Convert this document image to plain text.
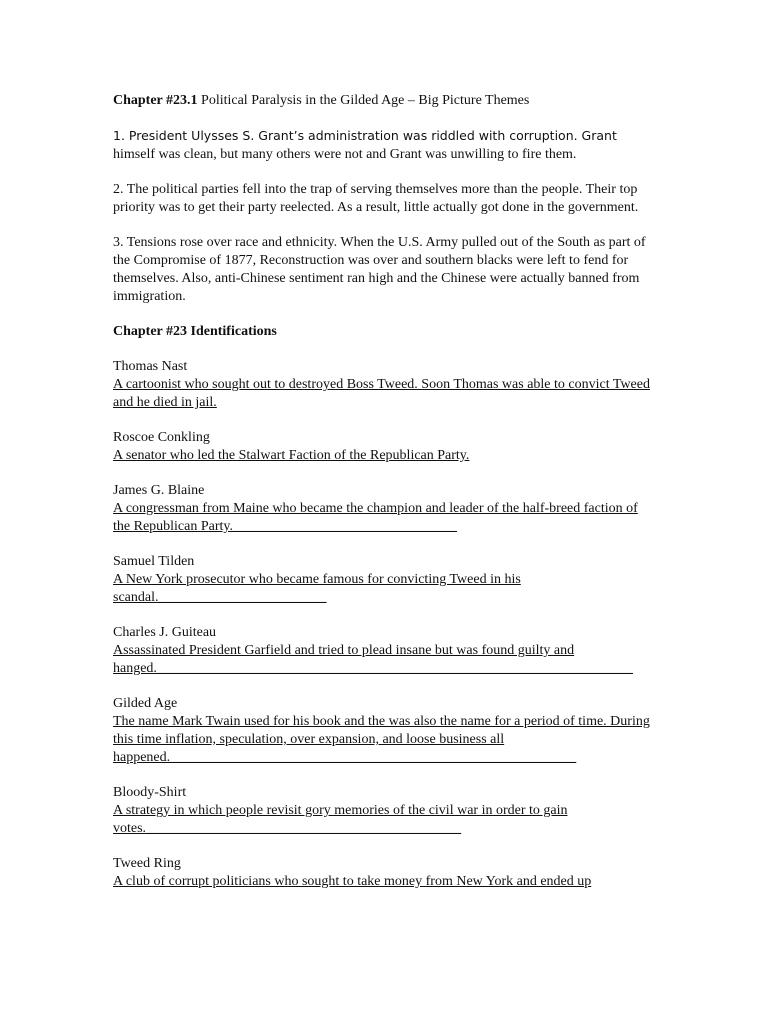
Chapter #23.1 Political Paralysis in the Gilded Age – Big Picture Themes

1. President Ulysses S. Grant’s administration was riddled with corruption. Grant
himself was clean, but many others were not and Grant was unwilling to fire them.

2. The political parties fell into the trap of serving themselves more than the people. Their top priority was to get their party reelected. As a result, little actually got done in the government.

3. Tensions rose over race and ethnicity. When the U.S. Army pulled out of the South as part of the Compromise of 1877, Reconstruction was over and southern blacks were left to fend for themselves. Also, anti-Chinese sentiment ran high and the Chinese were actually banned from immigration.

Chapter #23 Identifications

Thomas Nast
A cartoonist who sought out to destroyed Boss Tweed. Soon Thomas was able to convict Tweed and he died in jail.
Roscoe Conkling
A senator who led the Stalwart Faction of the Republican Party.
James G. Blaine
A congressman from Maine who became the champion and leader of the half-breed faction of the Republican Party.________________________________
Samuel Tilden
A New York prosecutor who became famous for convicting Tweed in his scandal.________________________
Charles J. Guiteau
Assassinated President Garfield and tried to plead insane but was found guilty and hanged.____________________________________________________________________
Gilded Age
The name Mark Twain used for his book and the was also the name for a period of time. During this time inflation, speculation, over expansion, and loose business all happened.__________________________________________________________
Bloody-Shirt
A strategy in which people revisit gory memories of the civil war in order to gain votes._____________________________________________
Tweed Ring
A club of corrupt politicians who sought to take money from New York and ended up
